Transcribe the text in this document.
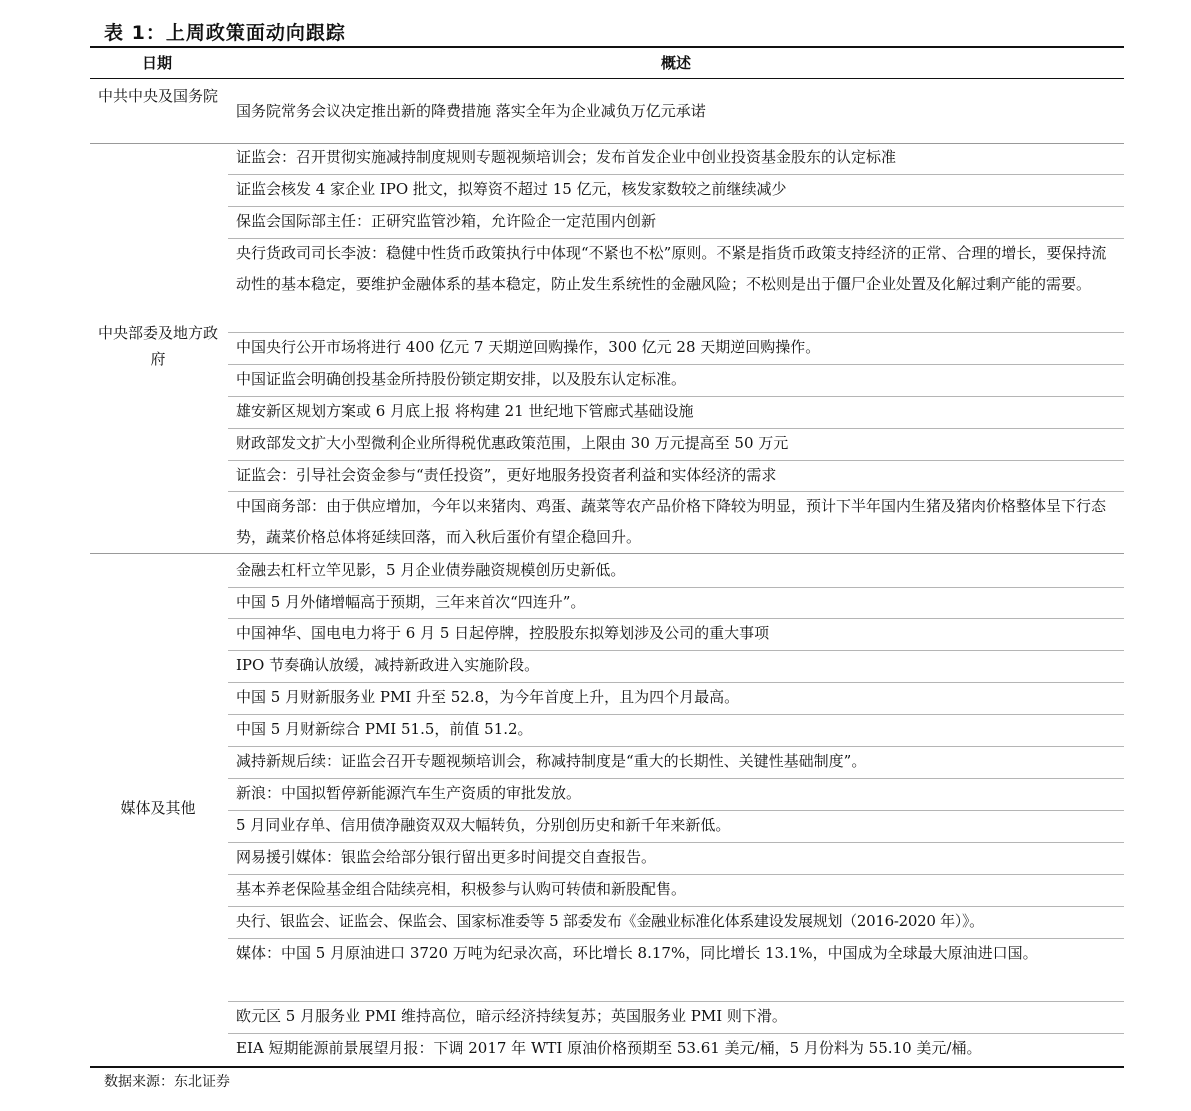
表 1：上周政策面动向跟踪
日期	概述
中共中央及国务院
国务院常务会议决定推出新的降费措施 落实全年为企业减负万亿元承诺
中央部委及地方政府
证监会：召开贯彻实施减持制度规则专题视频培训会；发布首发企业中创业投资基金股东的认定标准
证监会核发 4 家企业 IPO 批文，拟筹资不超过 15 亿元，核发家数较之前继续减少
保监会国际部主任：正研究监管沙箱，允许险企一定范围内创新
央行货政司司长李波：稳健中性货币政策执行中体现“不紧也不松”原则。不紧是指货币政策支持经济的正常、合理的增长，要保持流动性的基本稳定，要维护金融体系的基本稳定，防止发生系统性的金融风险；不松则是出于僵尸企业处置及化解过剩产能的需要。
中国央行公开市场将进行 400 亿元 7 天期逆回购操作，300 亿元 28 天期逆回购操作。
中国证监会明确创投基金所持股份锁定期安排，以及股东认定标准。
雄安新区规划方案或 6 月底上报 将构建 21 世纪地下管廊式基础设施
财政部发文扩大小型微利企业所得税优惠政策范围，上限由 30 万元提高至 50 万元
证监会：引导社会资金参与“责任投资”，更好地服务投资者利益和实体经济的需求
中国商务部：由于供应增加，今年以来猪肉、鸡蛋、蔬菜等农产品价格下降较为明显，预计下半年国内生猪及猪肉价格整体呈下行态势，蔬菜价格总体将延续回落，而入秋后蛋价有望企稳回升。
媒体及其他
金融去杠杆立竿见影，5 月企业债券融资规模创历史新低。
中国 5 月外储增幅高于预期，三年来首次“四连升”。
中国神华、国电电力将于 6 月 5 日起停牌，控股股东拟筹划涉及公司的重大事项
IPO 节奏确认放缓，减持新政进入实施阶段。
中国 5 月财新服务业 PMI 升至 52.8，为今年首度上升，且为四个月最高。
中国 5 月财新综合 PMI 51.5，前值 51.2。
减持新规后续：证监会召开专题视频培训会，称减持制度是“重大的长期性、关键性基础制度”。
新浪：中国拟暂停新能源汽车生产资质的审批发放。
5 月同业存单、信用债净融资双双大幅转负，分别创历史和新千年来新低。
网易援引媒体：银监会给部分银行留出更多时间提交自查报告。
基本养老保险基金组合陆续亮相，积极参与认购可转债和新股配售。
央行、银监会、证监会、保监会、国家标准委等 5 部委发布《金融业标准化体系建设发展规划（2016-2020 年）》。
媒体：中国 5 月原油进口 3720 万吨为纪录次高，环比增长 8.17%，同比增长 13.1%，中国成为全球最大原油进口国。
欧元区 5 月服务业 PMI 维持高位，暗示经济持续复苏；英国服务业 PMI 则下滑。
EIA 短期能源前景展望月报：下调 2017 年 WTI 原油价格预期至 53.61 美元/桶，5 月份料为 55.10 美元/桶。
数据来源：东北证券
